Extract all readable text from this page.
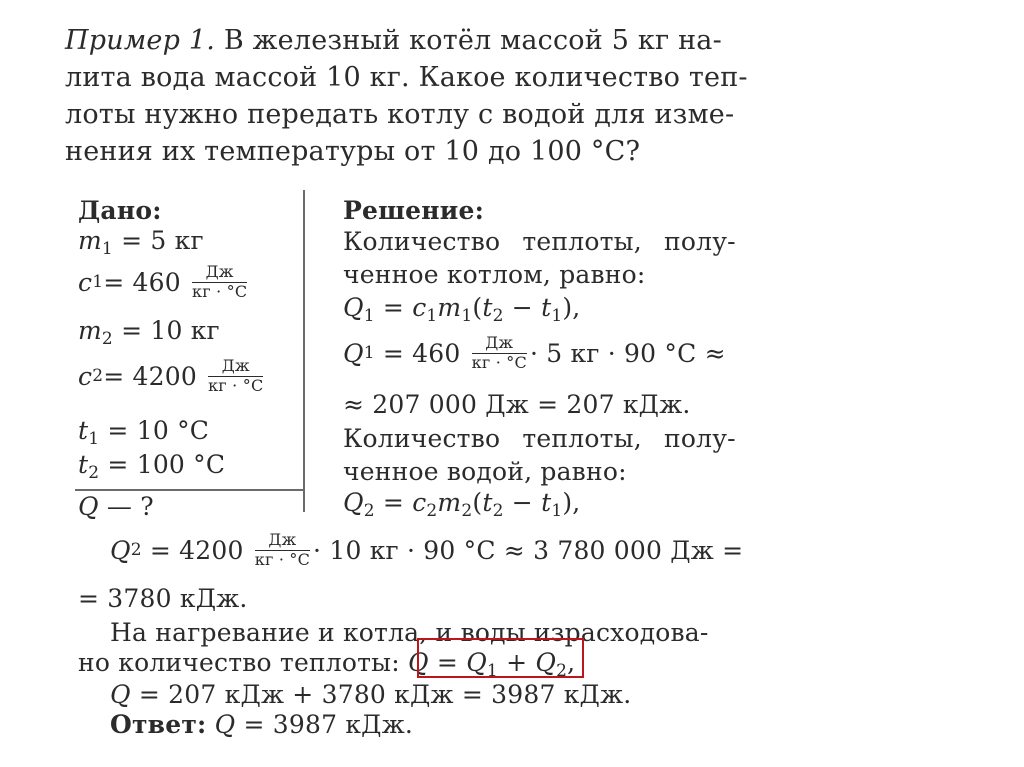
Пример 1. В железный котёл массой 5 кг на-
лита вода массой 10 кг. Какое количество теп-
лоты нужно передать котлу с водой для изме-
нения их температуры от 10 до 100 °С?
Дано:
$m_1 = 5$ кг
c 1 = 460
$\frac{Дж}{кг \cdot ^\circ С}$
$m_2 = 10$ кг
c 2 = 4200
$\frac{Дж}{кг \cdot ^\circ С}$
$t_1 = 10$ °С
$t_2 = 100$ °С
Q — ?
Решение:
Количество теплоты, полу-
ченное котлом, равно:
$Q_1 = c_1m_1(t_2 - t_1)$,
Q $1 = 460 \frac{Дж}{кг \cdot ^\circ С} \cdot 5$ кг · 90 °С ≈
≈ 207 000 Дж = 207 кДж.
Количество теплоты, полу-
ченное водой, равно:
$Q_2 = c_2m_2(t_2 - t_1)$,
Q $2 = 4200 \frac{Дж}{кг \cdot ^\circ С} \cdot 10$ кг · 90 °С ≈ 3 780 000 Дж =
= 3780 кДж.
На нагревание и котла, и воды израсходова-
но количество теплоты: $Q = Q_1 + Q_2$,
Q = 207 кДж + 3780 кДж = 3987 кДж.
Ответ: Q = 3987 кДж.
